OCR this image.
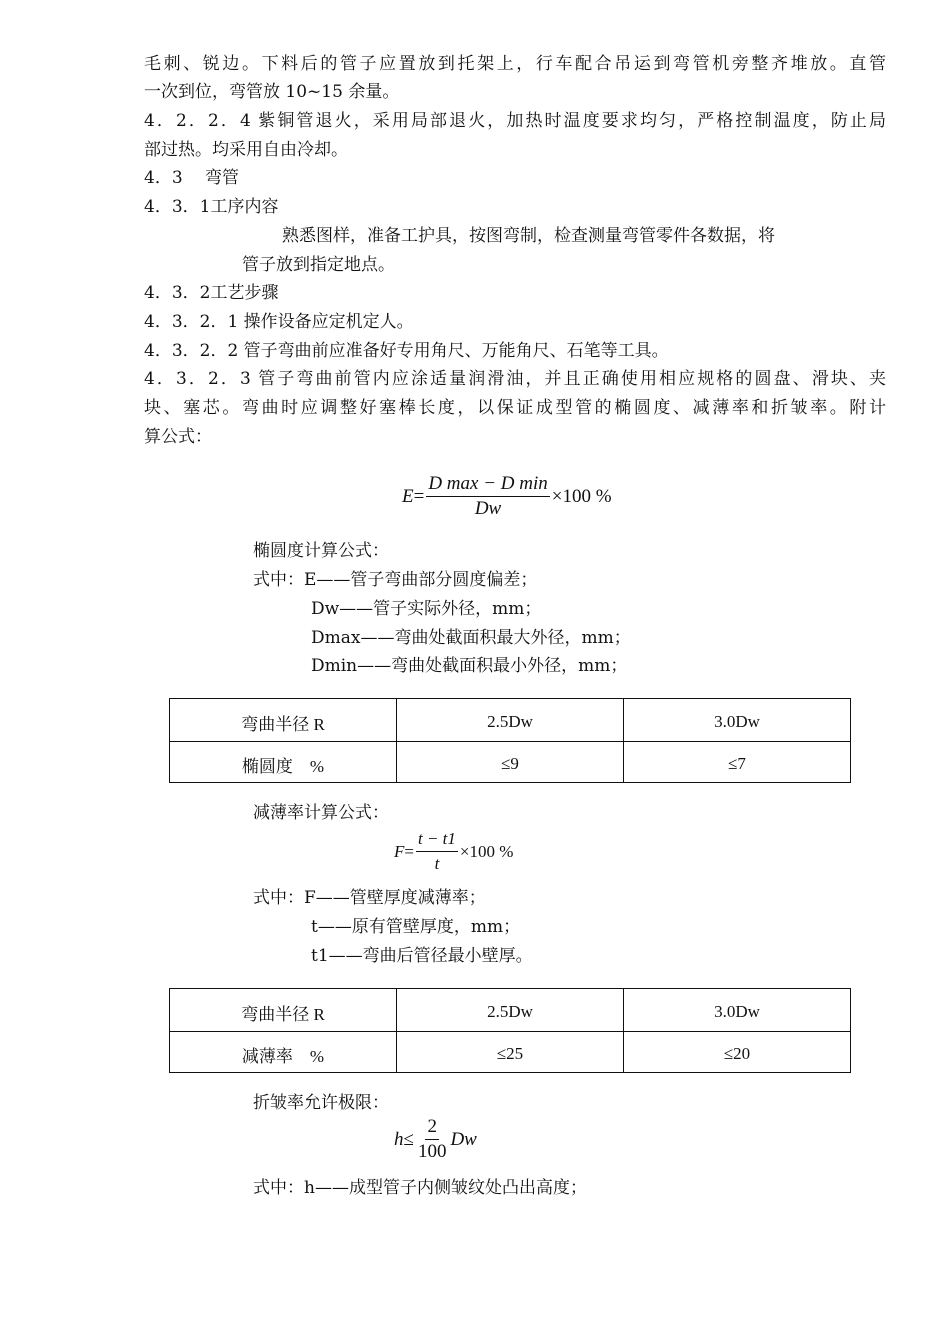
毛刺、锐边。下料后的管子应置放到托架上，行车配合吊运到弯管机旁整齐堆放。直管
一次到位，弯管放 10~15 余量。
4．2．2．4 紫铜管退火，采用局部退火，加热时温度要求均匀，严格控制温度，防止局
部过热。均采用自由冷却。
4．3　 弯管
4．3．1工序内容
熟悉图样，准备工护具，按图弯制，检查测量弯管零件各数据，将
管子放到指定地点。
4．3．2工艺步骤
4．3．2．1 操作设备应定机定人。
4．3．2．2 管子弯曲前应准备好专用角尺、万能角尺、石笔等工具。
4．3．2．3 管子弯曲前管内应涂适量润滑油，并且正确使用相应规格的圆盘、滑块、夹
块、塞芯。弯曲时应调整好塞棒长度，以保证成型管的椭圆度、减薄率和折皱率。附计
算公式：
$E = \frac{\text{D max − D min}}{Dw} \times 100$ %
椭圆度计算公式：
式中：E——管子弯曲部分圆度偏差；
Dw——管子实际外径，mm；
Dmax——弯曲处截面积最大外径，mm；
Dmin——弯曲处截面积最小外径，mm；
弯曲半径 R	2.5Dw	3.0Dw
椭圆度　%	≤9	≤7
减薄率计算公式：
$F = \frac{t - t1}{t} \times 100$ %
式中：F——管壁厚度减薄率；
t——原有管壁厚度，mm；
t1——弯曲后管径最小壁厚。
弯曲半径 R	2.5Dw	3.0Dw
减薄率　%	≤25	≤20
折皱率允许极限：
$h \le \frac{2}{100}$ Dw
式中：h——成型管子内侧皱纹处凸出高度；
